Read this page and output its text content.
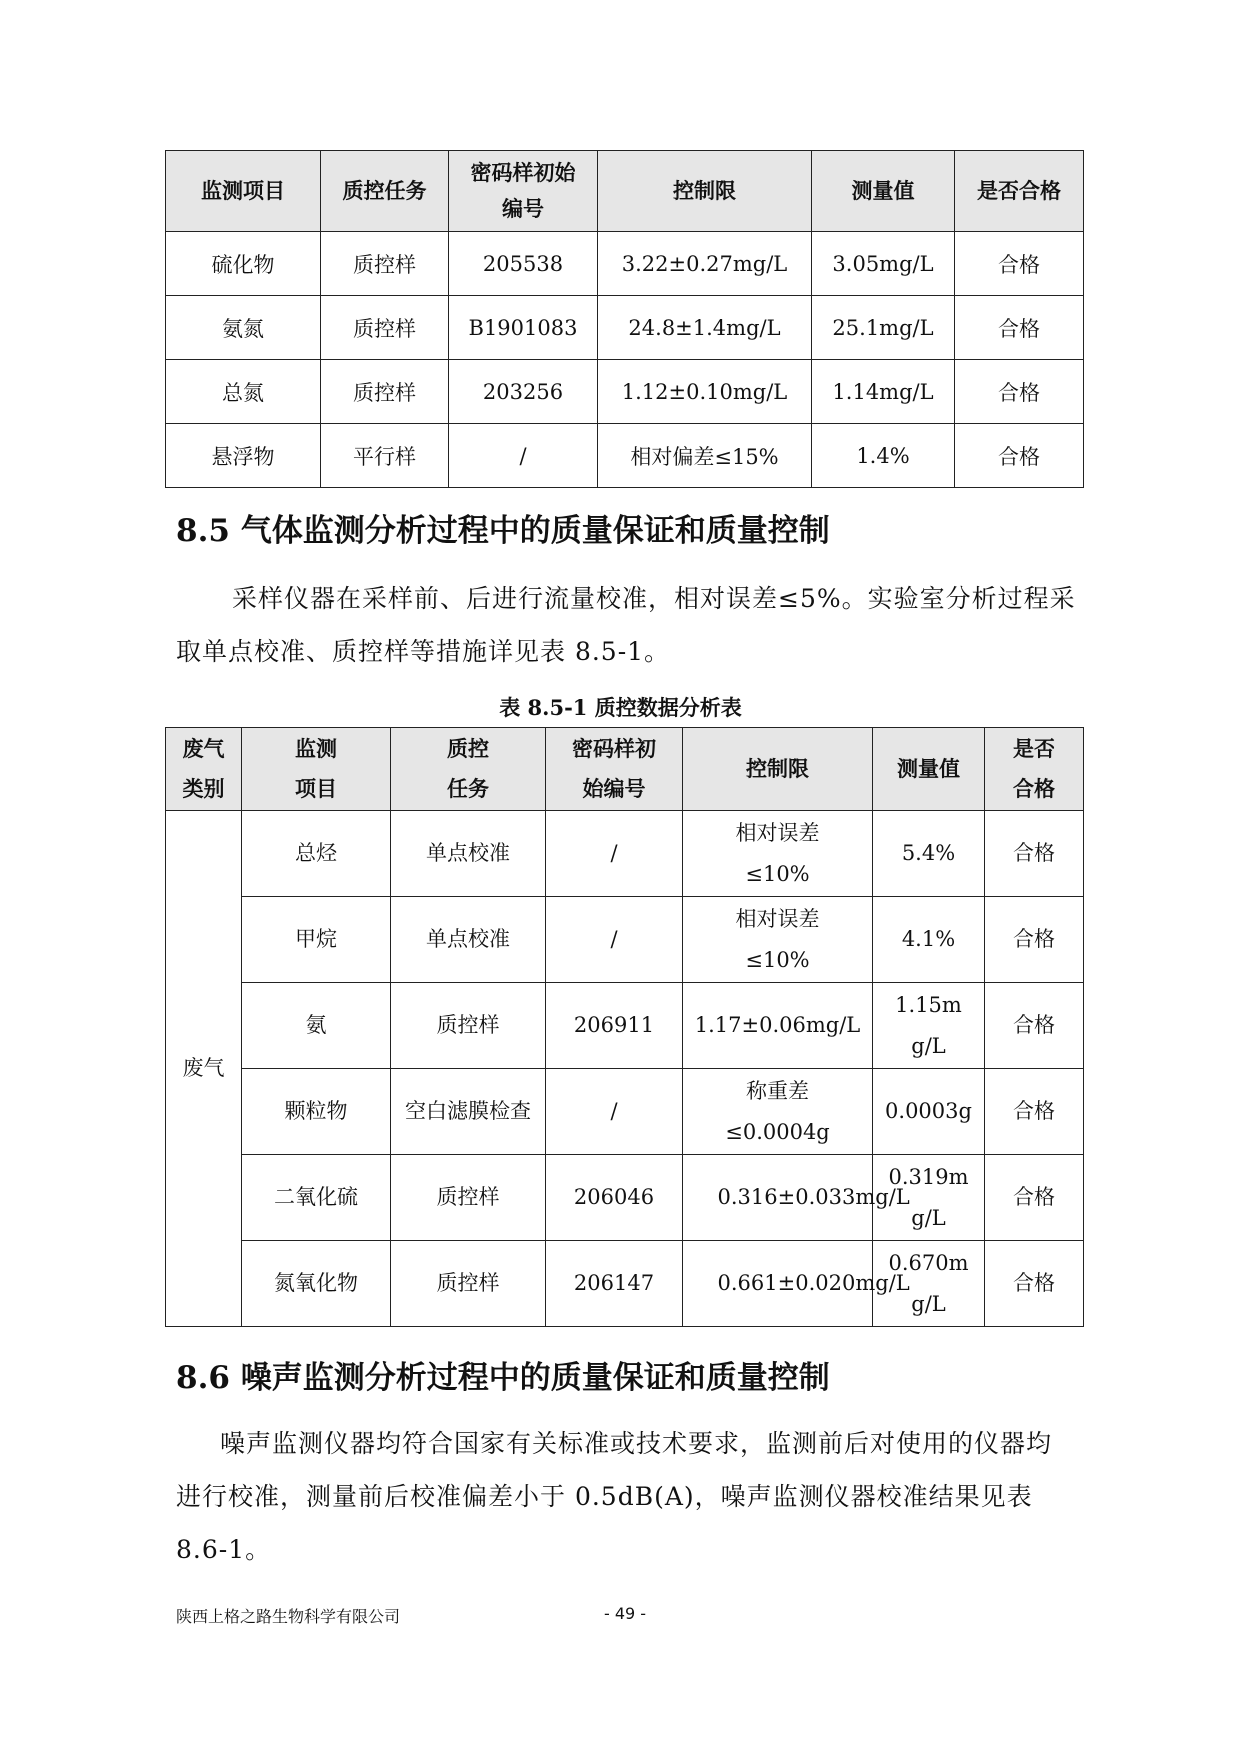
监测项目	质控任务	密码样初始编号	控制限	测量值	是否合格
硫化物	质控样	205538	3.22±0.27mg/L	3.05mg/L	合格
氨氮	质控样	B1901083	24.8±1.4mg/L	25.1mg/L	合格
总氮	质控样	203256	1.12±0.10mg/L	1.14mg/L	合格
悬浮物	平行样	/	相对偏差≤15%	1.4%	合格
8.5 气体监测分析过程中的质量保证和质量控制

采样仪器在采样前、后进行流量校准，相对误差≤5%。实验室分析过程采取单点校准、质控样等措施详见表 8.5-1。

表 8.5-1 质控数据分析表

废气类别	监测项目	质控任务	密码样初始编号	控制限	测量值	是否合格

废气	总烃	单点校准	/	相对误差≤10%	5.4%	合格
	甲烷	单点校准	/	相对误差≤10%	4.1%	合格
	氨	质控样	206911	1.17±0.06mg/L	1.15mg/L	合格
	颗粒物	空白滤膜检查	/	称重差≤0.0004g	0.0003g	合格
	二氧化硫	质控样	206046	0.316±0.033mg/L	0.319mg/L	合格
	氮氧化物	质控样	206147	0.661±0.020mg/L	0.670mg/L	合格
8.6 噪声监测分析过程中的质量保证和质量控制

噪声监测仪器均符合国家有关标准或技术要求，监测前后对使用的仪器均进行校准，测量前后校准偏差小于 0.5dB(A)，噪声监测仪器校准结果见表 8.6-1。

陕西上格之路生物科学有限公司	- 49 -
